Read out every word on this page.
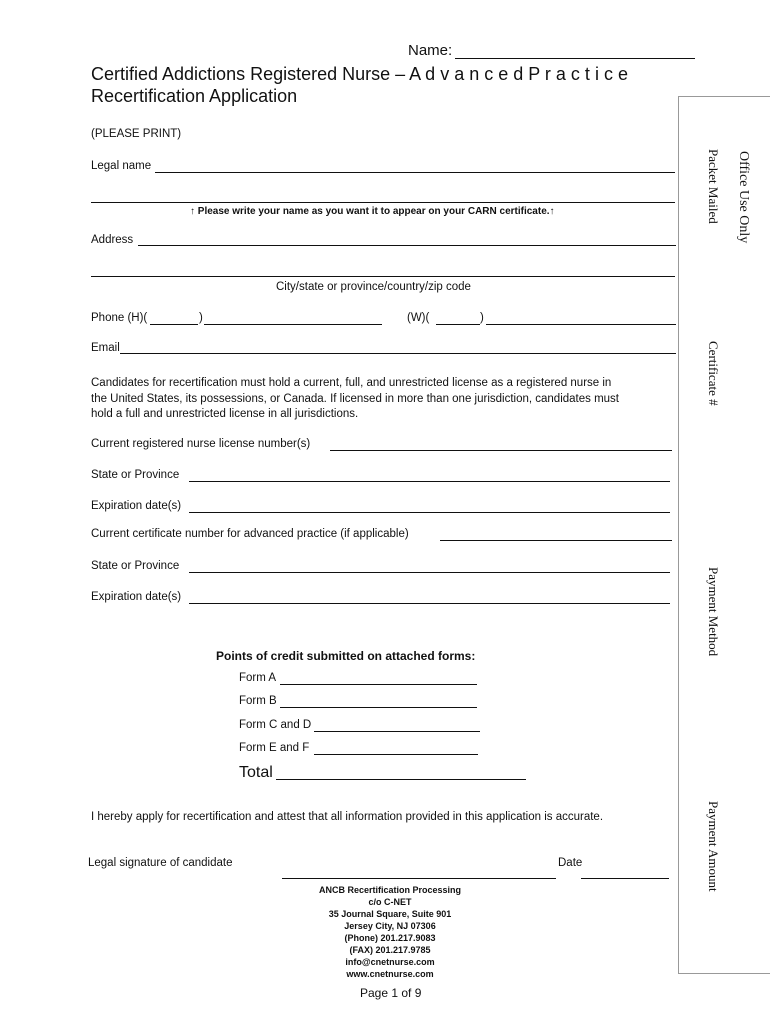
Name:
Certified Addictions Registered Nurse – A d v a n c e d P r a c t i c e
Recertification Application
Office Use Only
Packet Mailed
Certificate #
Payment Method
Payment Amount
(PLEASE PRINT)
Legal name
↑ Please write your name as you want it to appear on your CARN certificate.↑
Address
City/state or province/country/zip code
Phone (H)(	)	(W)(	)
Email
Candidates for recertification must hold a current, full, and unrestricted license as a registered nurse in
the United States, its possessions, or Canada. If licensed in more than one jurisdiction, candidates must
hold a full and unrestricted license in all jurisdictions.
Current registered nurse license number(s)
State or Province
Expiration date(s)
Current certificate number for advanced practice (if applicable)
State or Province
Expiration date(s)
Points of credit submitted on attached forms:
Form A
Form B
Form C and D
Form E and F
Total
I hereby apply for recertification and attest that all information provided in this application is accurate.
Legal signature of candidate	Date
ANCB Recertification Processing
c/o C-NET
35 Journal Square, Suite 901
Jersey City, NJ 07306
(Phone) 201.217.9083
(FAX) 201.217.9785
info@cnetnurse.com
www.cnetnurse.com
Page 1 of 9
